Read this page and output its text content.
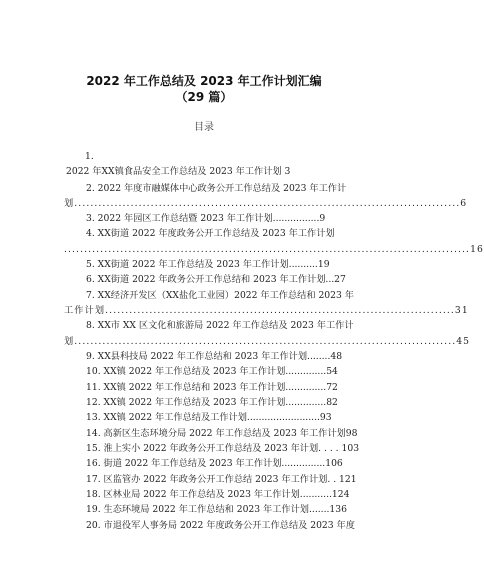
2022 年工作总结及 2023 年工作计划汇编
（29 篇）
目录
1.
2022 年XX镇食品安全工作总结及 2023 年工作计划 3
2. 2022 年度市融媒体中心政务公开工作总结及 2023 年工作计
划................................................................................................6
3. 2022 年园区工作总结暨 2023 年工作计划................9
4. XX街道 2022 年度政务公开工作总结及 2023 年工作计划
.....................................................................................................16
5. XX街道 2022 年工作总结及 2023 年工作计划..........19
6. XX街道 2022 年政务公开工作总结和 2023 年工作计划...27
7. XX经济开发区（XX盐化工业园）2022 年工作总结和 2023 年
工作计划.......................................................................................31
8. XX市 XX 区文化和旅游局 2022 年工作总结及 2023 年工作计
划...............................................................................................45
9. XX县科技局 2022 年工作总结和 2023 年工作计划........48
10. XX镇 2022 年工作总结及 2023 年工作计划..............54
11. XX镇 2022 年工作总结和 2023 年工作计划..............72
12. XX镇 2022 年工作总结及 2023 年工作计划..............82
13. XX镇 2022 年工作总结及工作计划.........................93
14. 高新区生态环境分局 2022 年工作总结及 2023 年工作计划98
15. 淮上实小 2022 年政务公开工作总结及 2023 年计划. . . . 103
16. 街道 2022 年工作总结及 2023 年工作计划...............106
17. 区监管办 2022 年政务公开工作总结 2023 年工作计划. . 121
18. 区林业局 2022 年工作总结及 2023 年工作计划...........124
19. 生态环境局 2022 年工作总结和 2023 年工作计划.......136
20. 市退役军人事务局 2022 年度政务公开工作总结及 2023 年度
